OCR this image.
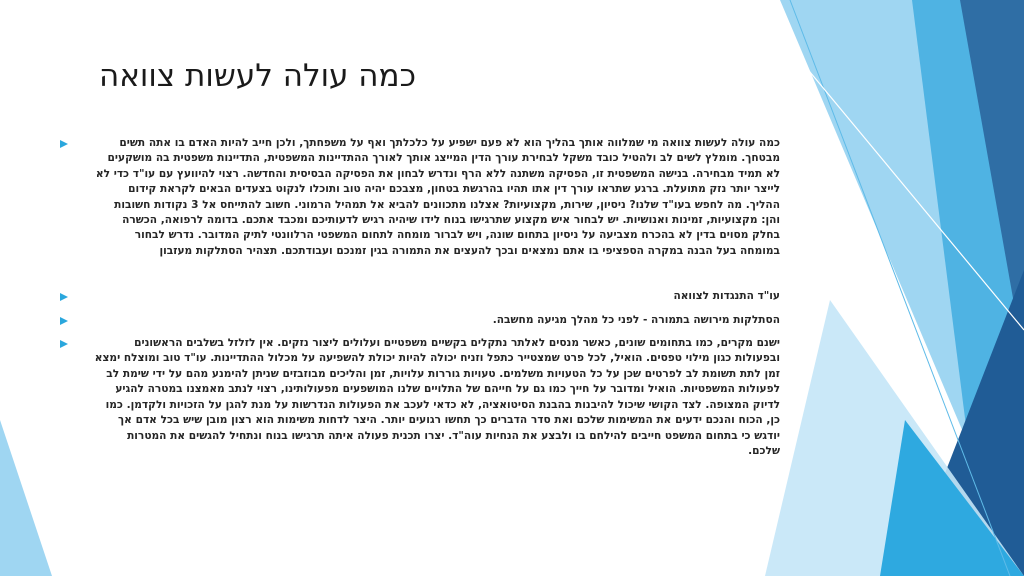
כמה עולה לעשות צוואה
כמה עולה לעשות צוואה מי שמלווה אותך בהליך הוא לא פעם ישפיע על כלכלתך ואף על משפחתך, ולכן חייב להיות האדם בו אתה תשים מבטחך. מומלץ לשים לב ולהטיל כובד משקל לבחירת עורך הדין המייצג אותך לאורך ההתדיינות המשפטית, התדיינות משפטית בה מושקעים לא תמיד מבחירה. בנישה המשפטית זו, הפסיקה משתנה ללא הרף ונדרש לבחון את הפסיקה הבסיסית והחדשה. רצוי להיוועץ עם עו"ד כדי לא לייצר יותר נזק מתועלת. ברגע שתראו עורך דין אתו תהיו בהרגשת בטחון, מצבכם יהיה טוב ותוכלו לנקוט בצעדים הבאים לקראת קידום ההליך. מה לחפש בעו"ד שלנו? ניסיון, שירות, מקצועיות? אצלנו מתכוונים להביא אל תמהיל הרמוני. חשוב להתייחס אל 3 נקודות חשובות והן: מקצועיות, זמינות ואנושיות. יש לבחור איש מקצוע שתרגישו בנוח לידו שיהיה רגיש לדעותיכם ומכבד אתכם. בדומה לרפואה, הכשרה בחלק מסוים בדין לא בהכרח מצביעה על ניסיון בתחום שונה, ויש לברור מומחה לתחום המשפטי הרלוונטי לתיק המדובר. נדרש לבחור במומחה בעל הבנה במקרה הספציפי בו אתם נמצאים ובכך להעצים את התמורה בגין זמנכם ועבודתכם. תצהיר הסתלקות מעזבון
עו"ד התנגדות לצוואה
הסתלקות מירושה בתמורה - לפני כל מהלך מגיעה מחשבה.
ישנם מקרים, כמו בתחומים שונים, כאשר מנסים לאלתר נתקלים בקשיים משפטיים ועלולים ליצור נזקים. אין לזלזל בשלבים הראשונים ובפעולות כגון מילוי טפסים. הואיל, לכל פרט שמצטייר כתפל וזניח יכולה להיות יכולת להשפיעה על מכלול ההתדיינות. עו"ד טוב ומוצלח ימצא זמן לתת תשומת לב לפרטים שכן על כל הטעויות משלמים. טעויות גוררות עלויות, זמן והליכים מבוזבזים שניתן להימנע מהם על ידי שימת לב לפעולות המשפטיות. הואיל ומדובר על חייך כמו גם על חייהם של התלויים שלנו המושפעים מפעולותינו, רצוי לנתב מאמצנו במטרה להגיע לדיוק המצופה. לצד הקושי שיכול להיבנות בהבנת הסיטואציה, לא כדאי לעכב את הפעולות הנדרשות על מנת להגן על הזכויות ולקדמן. כמו כן, הכוח והנכם ידעים את המשימות שלכם ואת סדר הדברים כך תחשו רגועים יותר. היצר לדחות משימות הוא רצון מובן שיש בכל אדם אך יודגש כי בתחום המשפט חייבים להילחם בו ולבצע את הנחיות עוה"ד. יצרו תכנית פעולה איתה תרגישו בנוח ונתחיל להגשים את המטרות שלכם.
